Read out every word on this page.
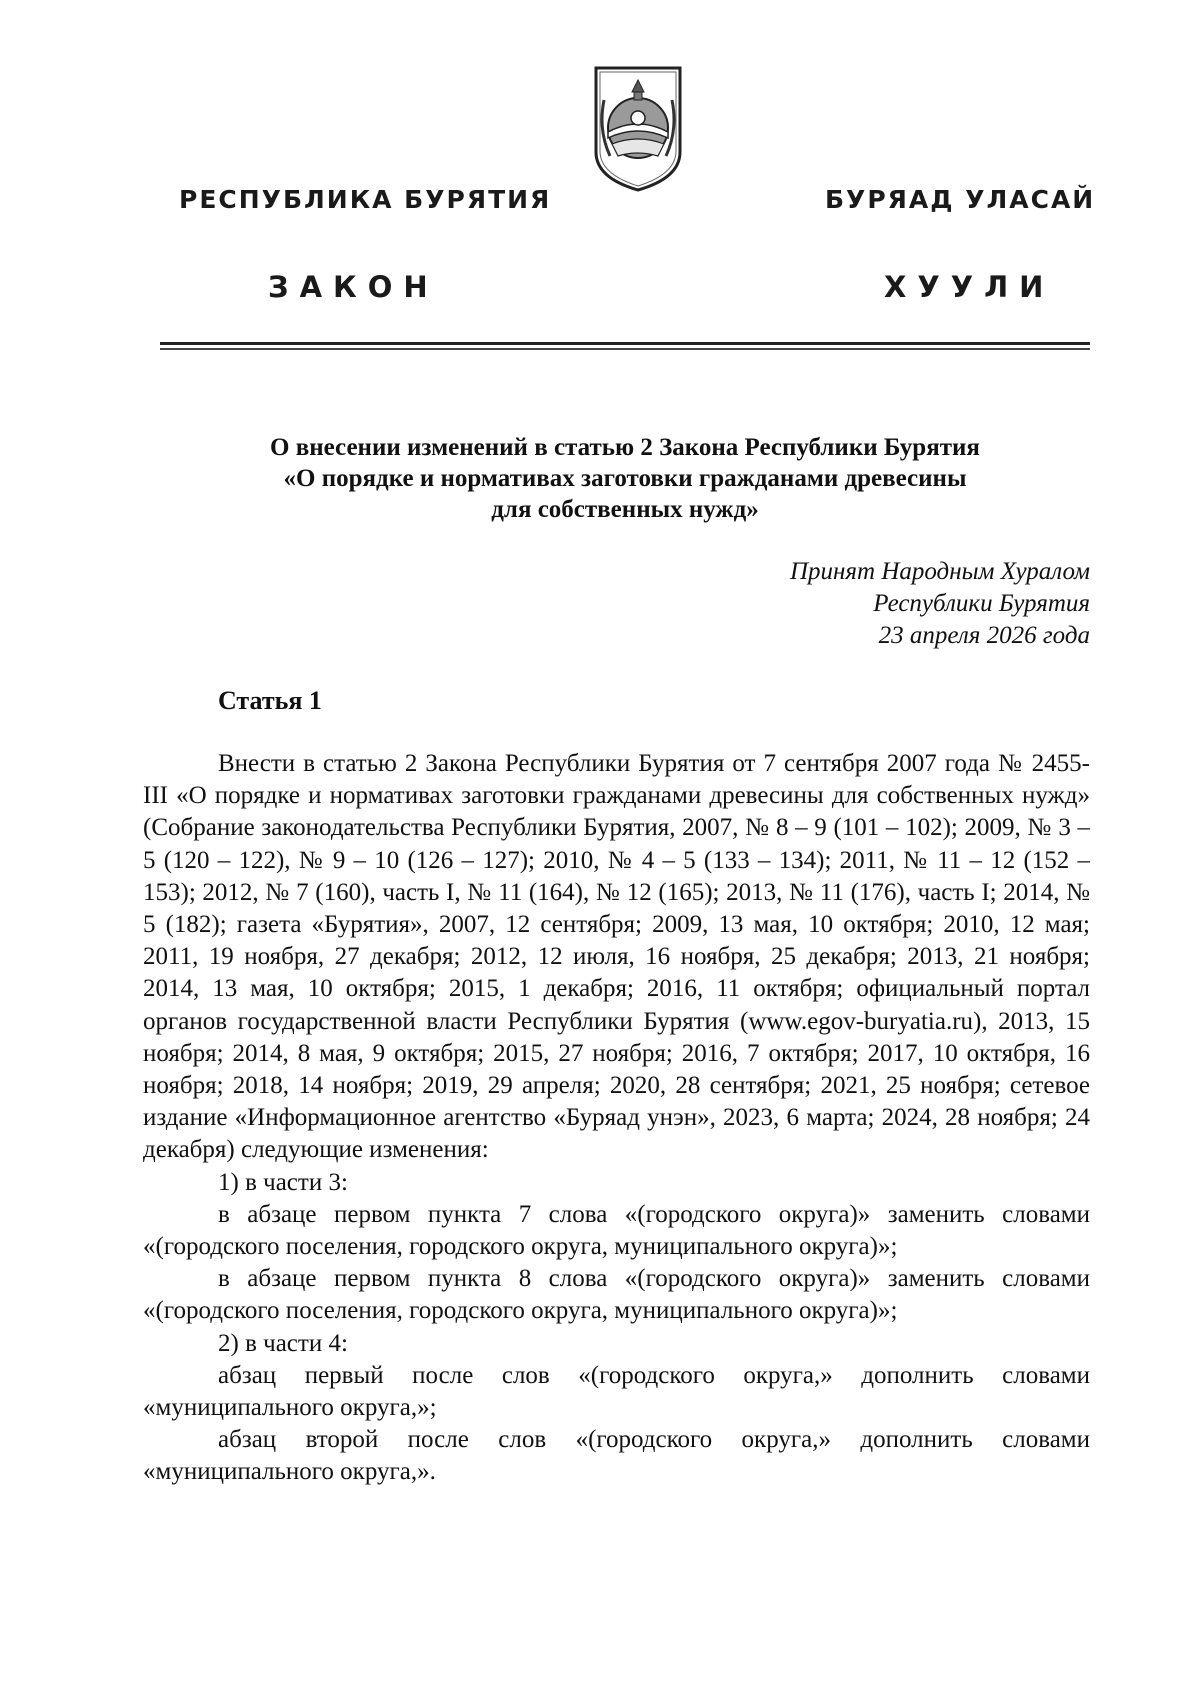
РЕСПУБЛИКА БУРЯТИЯ	БУРЯАД УЛАСАЙ
ЗАКОН	ХУУЛИ
О внесении изменений в статью 2 Закона Республики Бурятия
«О порядке и нормативах заготовки гражданами древесины
для собственных нужд»
Принят Народным Хуралом
Республики Бурятия
23 апреля 2026 года
Статья 1

Внести в статью 2 Закона Республики Бурятия от 7 сентября 2007 года № 2455-III «О порядке и нормативах заготовки гражданами древесины для собственных нужд» (Собрание законодательства Республики Бурятия, 2007, № 8 – 9 (101 – 102); 2009, № 3 – 5 (120 – 122), № 9 – 10 (126 – 127); 2010, № 4 – 5 (133 – 134); 2011, № 11 – 12 (152 – 153); 2012, № 7 (160), часть I, № 11 (164), № 12 (165); 2013, № 11 (176), часть I; 2014, № 5 (182); газета «Бурятия», 2007, 12 сентября; 2009, 13 мая, 10 октября; 2010, 12 мая; 2011, 19 ноября, 27 декабря; 2012, 12 июля, 16 ноября, 25 декабря; 2013, 21 ноября; 2014, 13 мая, 10 октября; 2015, 1 декабря; 2016, 11 октября; официальный портал органов государственной власти Республики Бурятия (www.egov-buryatia.ru), 2013, 15 ноября; 2014, 8 мая, 9 октября; 2015, 27 ноября; 2016, 7 октября; 2017, 10 октября, 16 ноября; 2018, 14 ноября; 2019, 29 апреля; 2020, 28 сентября; 2021, 25 ноября; сетевое издание «Информационное агентство «Буряад унэн», 2023, 6 марта; 2024, 28 ноября; 24 декабря) следующие изменения:

1) в части 3:

в абзаце первом пункта 7 слова «(городского округа)» заменить словами «(городского поселения, городского округа, муниципального округа)»;

в абзаце первом пункта 8 слова «(городского округа)» заменить словами «(городского поселения, городского округа, муниципального округа)»;

2) в части 4:

абзац первый после слов «(городского округа,» дополнить словами «муниципального округа,»;

абзац второй после слов «(городского округа,» дополнить словами «муниципального округа,».
